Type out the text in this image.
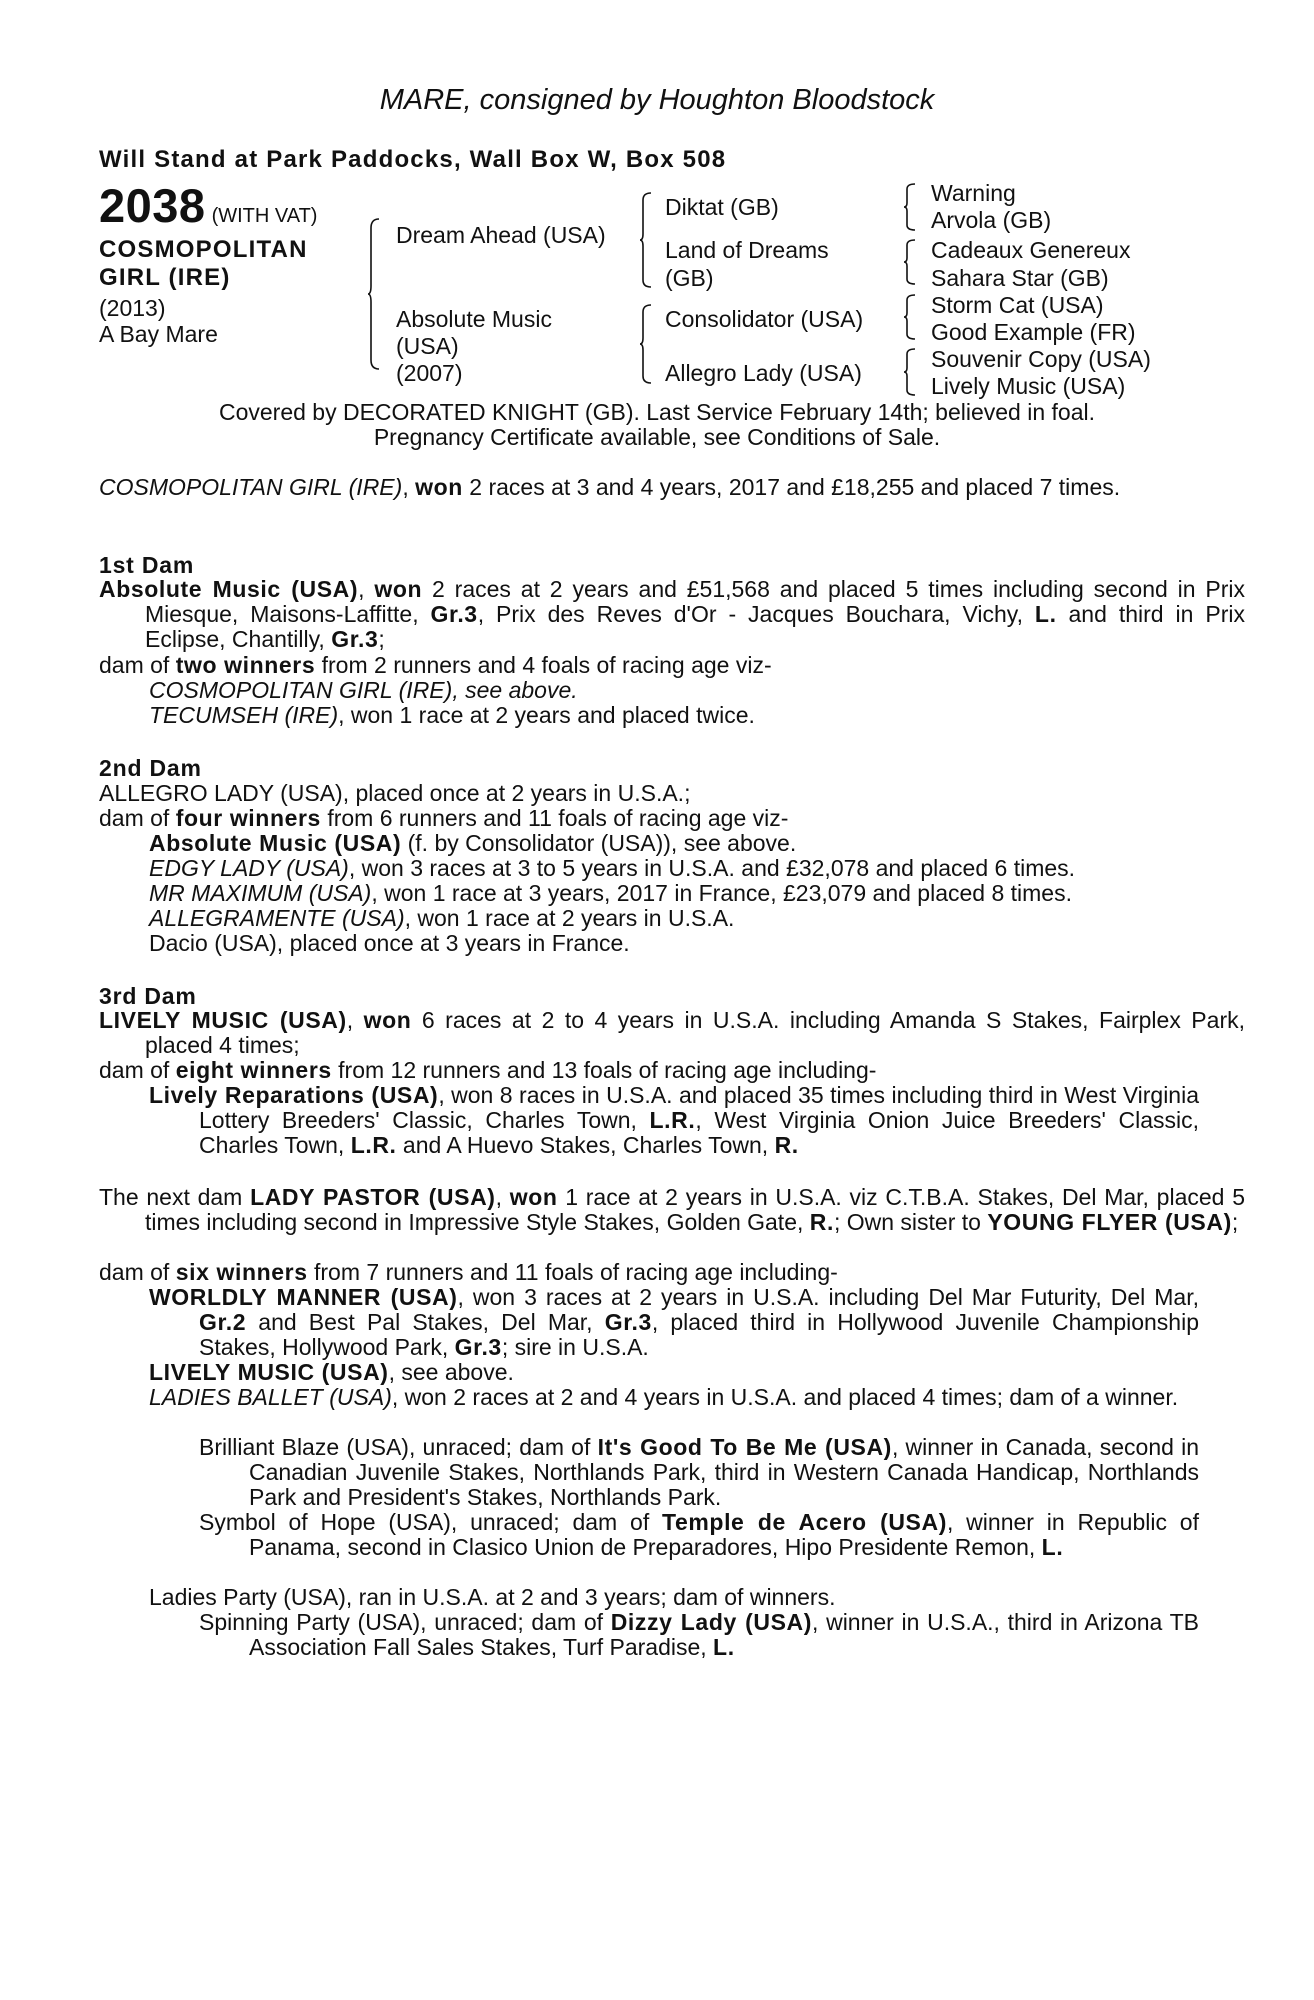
MARE, consigned by Houghton Bloodstock
Will Stand at Park Paddocks, Wall Box W, Box 508
2038 (WITH VAT)
COSMOPOLITAN
GIRL (IRE)
(2013)
A Bay Mare
Dream Ahead (USA)
Absolute Music
(USA)
(2007)
Diktat (GB)
Land of Dreams
(GB)
Consolidator (USA)
Allegro Lady (USA)
Warning
Arvola (GB)
Cadeaux Genereux
Sahara Star (GB)
Storm Cat (USA)
Good Example (FR)
Souvenir Copy (USA)
Lively Music (USA)
Covered by DECORATED KNIGHT (GB). Last Service February 14th; believed in foal.
Pregnancy Certificate available, see Conditions of Sale.
COSMOPOLITAN GIRL (IRE), won 2 races at 3 and 4 years, 2017 and £18,255 and placed 7 times.
1st Dam
Absolute Music (USA), won 2 races at 2 years and £51,568 and placed 5 times including second in Prix Miesque, Maisons-Laffitte, Gr.3, Prix des Reves d'Or - Jacques Bouchara, Vichy, L. and third in Prix Eclipse, Chantilly, Gr.3;
dam of two winners from 2 runners and 4 foals of racing age viz-
COSMOPOLITAN GIRL (IRE), see above.
TECUMSEH (IRE), won 1 race at 2 years and placed twice.
2nd Dam
ALLEGRO LADY (USA), placed once at 2 years in U.S.A.;
dam of four winners from 6 runners and 11 foals of racing age viz-
Absolute Music (USA) (f. by Consolidator (USA)), see above.
EDGY LADY (USA), won 3 races at 3 to 5 years in U.S.A. and £32,078 and placed 6 times.
MR MAXIMUM (USA), won 1 race at 3 years, 2017 in France, £23,079 and placed 8 times.
ALLEGRAMENTE (USA), won 1 race at 2 years in U.S.A.
Dacio (USA), placed once at 3 years in France.
3rd Dam
LIVELY MUSIC (USA), won 6 races at 2 to 4 years in U.S.A. including Amanda S Stakes, Fairplex Park, placed 4 times;
dam of eight winners from 12 runners and 13 foals of racing age including-
Lively Reparations (USA), won 8 races in U.S.A. and placed 35 times including third in West Virginia Lottery Breeders' Classic, Charles Town, L.R., West Virginia Onion Juice Breeders' Classic, Charles Town, L.R. and A Huevo Stakes, Charles Town, R.
The next dam LADY PASTOR (USA), won 1 race at 2 years in U.S.A. viz C.T.B.A. Stakes, Del Mar, placed 5 times including second in Impressive Style Stakes, Golden Gate, R.; Own sister to YOUNG FLYER (USA);
dam of six winners from 7 runners and 11 foals of racing age including-
WORLDLY MANNER (USA), won 3 races at 2 years in U.S.A. including Del Mar Futurity, Del Mar, Gr.2 and Best Pal Stakes, Del Mar, Gr.3, placed third in Hollywood Juvenile Championship Stakes, Hollywood Park, Gr.3; sire in U.S.A.
LIVELY MUSIC (USA), see above.
LADIES BALLET (USA), won 2 races at 2 and 4 years in U.S.A. and placed 4 times; dam of a winner.
Brilliant Blaze (USA), unraced; dam of It's Good To Be Me (USA), winner in Canada, second in Canadian Juvenile Stakes, Northlands Park, third in Western Canada Handicap, Northlands Park and President's Stakes, Northlands Park.
Symbol of Hope (USA), unraced; dam of Temple de Acero (USA), winner in Republic of Panama, second in Clasico Union de Preparadores, Hipo Presidente Remon, L.
Ladies Party (USA), ran in U.S.A. at 2 and 3 years; dam of winners.
Spinning Party (USA), unraced; dam of Dizzy Lady (USA), winner in U.S.A., third in Arizona TB Association Fall Sales Stakes, Turf Paradise, L.
